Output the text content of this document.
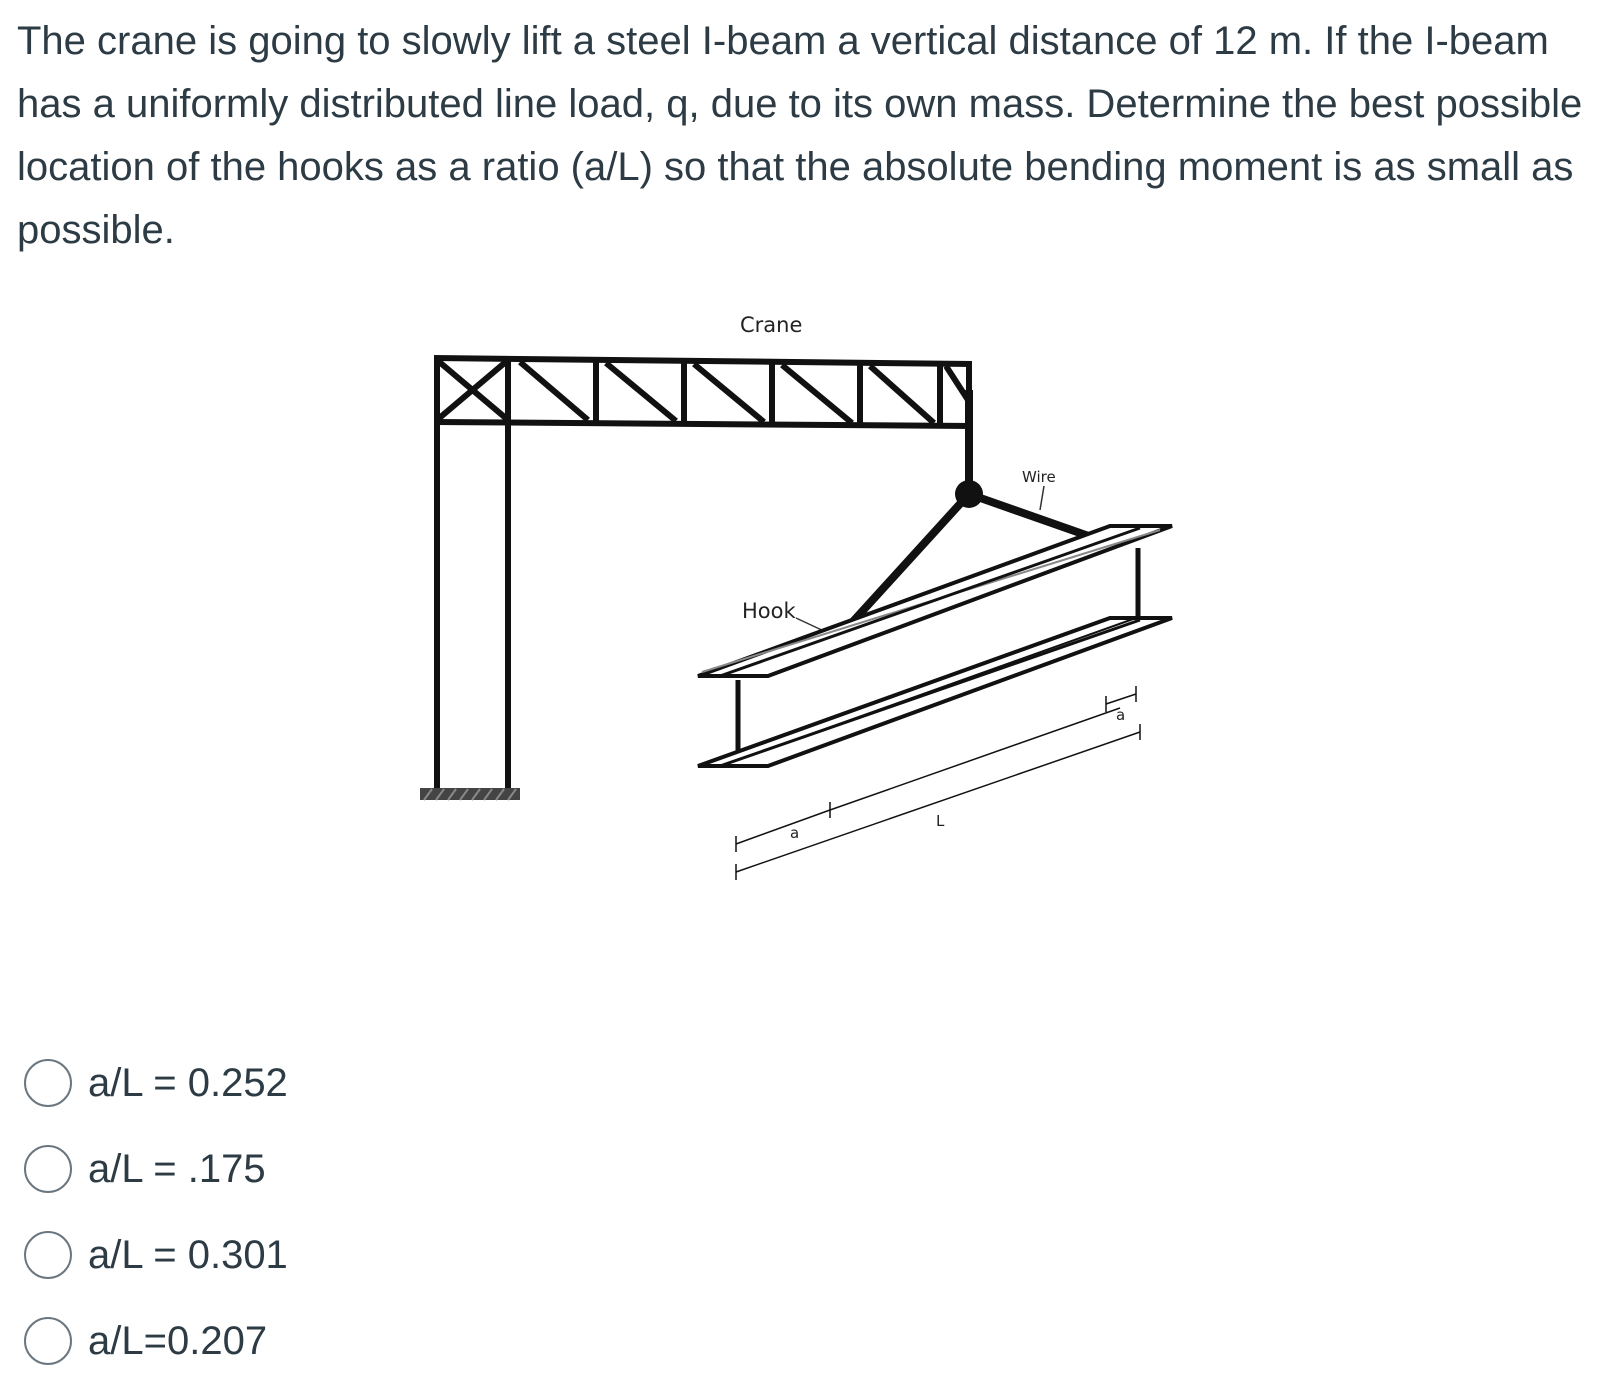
The crane is going to slowly lift a steel I-beam a vertical distance of 12 m. If the I-beam has a uniformly distributed line load, q, due to its own mass. Determine the best possible location of the hooks as a ratio (a/L) so that the absolute bending moment is as small as possible.

Crane
Wire
Hook
a
a
L
a/L = 0.252
a/L = .175
a/L = 0.301
a/L=0.207
